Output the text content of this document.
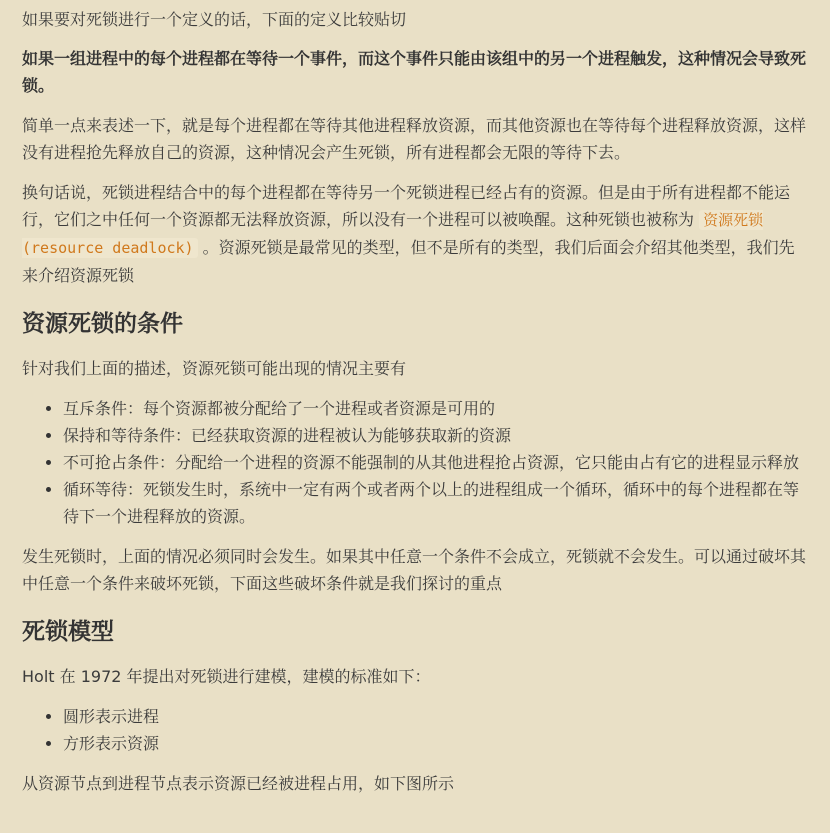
如果要对死锁进行一个定义的话，下面的定义比较贴切

如果一组进程中的每个进程都在等待一个事件，而这个事件只能由该组中的另一个进程触发，这种情况会导致死锁。

简单一点来表述一下，就是每个进程都在等待其他进程释放资源，而其他资源也在等待每个进程释放资源，这样没有进程抢先释放自己的资源，这种情况会产生死锁，所有进程都会无限的等待下去。

换句话说，死锁进程结合中的每个进程都在等待另一个死锁进程已经占有的资源。但是由于所有进程都不能运行，它们之中任何一个资源都无法释放资源，所以没有一个进程可以被唤醒。这种死锁也被称为 资源死锁(resource deadlock) 。资源死锁是最常见的类型，但不是所有的类型，我们后面会介绍其他类型，我们先来介绍资源死锁

资源死锁的条件

针对我们上面的描述，资源死锁可能出现的情况主要有

• 互斥条件：每个资源都被分配给了一个进程或者资源是可用的
• 保持和等待条件：已经获取资源的进程被认为能够获取新的资源
• 不可抢占条件：分配给一个进程的资源不能强制的从其他进程抢占资源，它只能由占有它的进程显示释放
• 循环等待：死锁发生时，系统中一定有两个或者两个以上的进程组成一个循环，循环中的每个进程都在等待下一个进程释放的资源。

发生死锁时，上面的情况必须同时会发生。如果其中任意一个条件不会成立，死锁就不会发生。可以通过破坏其中任意一个条件来破坏死锁，下面这些破坏条件就是我们探讨的重点

死锁模型

Holt 在 1972 年提出对死锁进行建模，建模的标准如下：

• 圆形表示进程
• 方形表示资源

从资源节点到进程节点表示资源已经被进程占用，如下图所示
